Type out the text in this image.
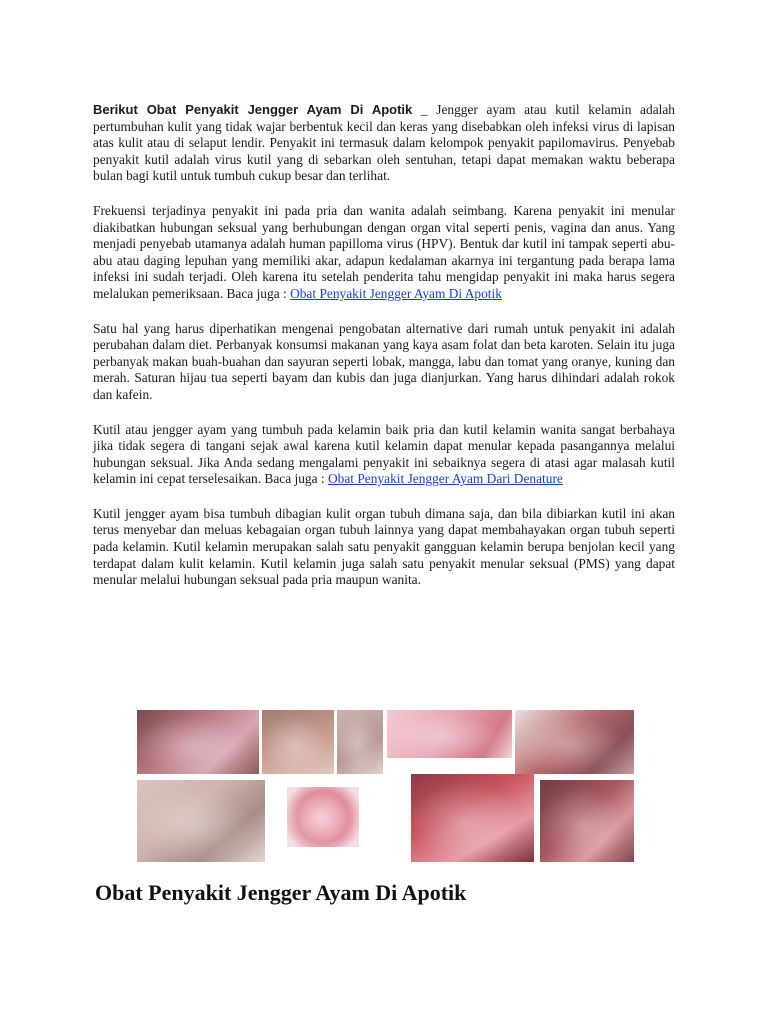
Berikut Obat Penyakit Jengger Ayam Di Apotik _ Jengger ayam atau kutil kelamin adalah pertumbuhan kulit yang tidak wajar berbentuk kecil dan keras yang disebabkan oleh infeksi virus di lapisan atas kulit atau di selaput lendir. Penyakit ini termasuk dalam kelompok penyakit papilomavirus. Penyebab penyakit kutil adalah virus kutil yang di sebarkan oleh sentuhan, tetapi dapat memakan waktu beberapa bulan bagi kutil untuk tumbuh cukup besar dan terlihat.

Frekuensi terjadinya penyakit ini pada pria dan wanita adalah seimbang. Karena penyakit ini menular diakibatkan hubungan seksual yang berhubungan dengan organ vital seperti penis, vagina dan anus. Yang menjadi penyebab utamanya adalah human papilloma virus (HPV). Bentuk dar kutil ini tampak seperti abu-abu atau daging lepuhan yang memiliki akar, adapun kedalaman akarnya ini tergantung pada berapa lama infeksi ini sudah terjadi. Oleh karena itu setelah penderita tahu mengidap penyakit ini maka harus segera melalukan pemeriksaan. Baca juga : Obat Penyakit Jengger Ayam Di Apotik

Satu hal yang harus diperhatikan mengenai pengobatan alternative dari rumah untuk penyakit ini adalah perubahan dalam diet. Perbanyak konsumsi makanan yang kaya asam folat dan beta karoten. Selain itu juga perbanyak makan buah-buahan dan sayuran seperti lobak, mangga, labu dan tomat yang oranye, kuning dan merah. Saturan hijau tua seperti bayam dan kubis dan juga dianjurkan. Yang harus dihindari adalah rokok dan kafein.

Kutil atau jengger ayam yang tumbuh pada kelamin baik pria dan kutil kelamin wanita sangat berbahaya jika tidak segera di tangani sejak awal karena kutil kelamin dapat menular kepada pasangannya melalui hubungan seksual. Jika Anda sedang mengalami penyakit ini sebaiknya segera di atasi agar malasah kutil kelamin ini cepat terselesaikan. Baca juga : Obat Penyakit Jengger Ayam Dari Denature

Kutil jengger ayam bisa tumbuh dibagian kulit organ tubuh dimana saja, dan bila dibiarkan kutil ini akan terus menyebar dan meluas kebagaian organ tubuh lainnya yang dapat membahayakan organ tubuh seperti pada kelamin. Kutil kelamin merupakan salah satu penyakit gangguan kelamin berupa benjolan kecil yang terdapat dalam kulit kelamin. Kutil kelamin juga salah satu penyakit menular seksual (PMS) yang dapat menular melalui hubungan seksual pada pria maupun wanita.

Obat Penyakit Jengger Ayam Di Apotik
